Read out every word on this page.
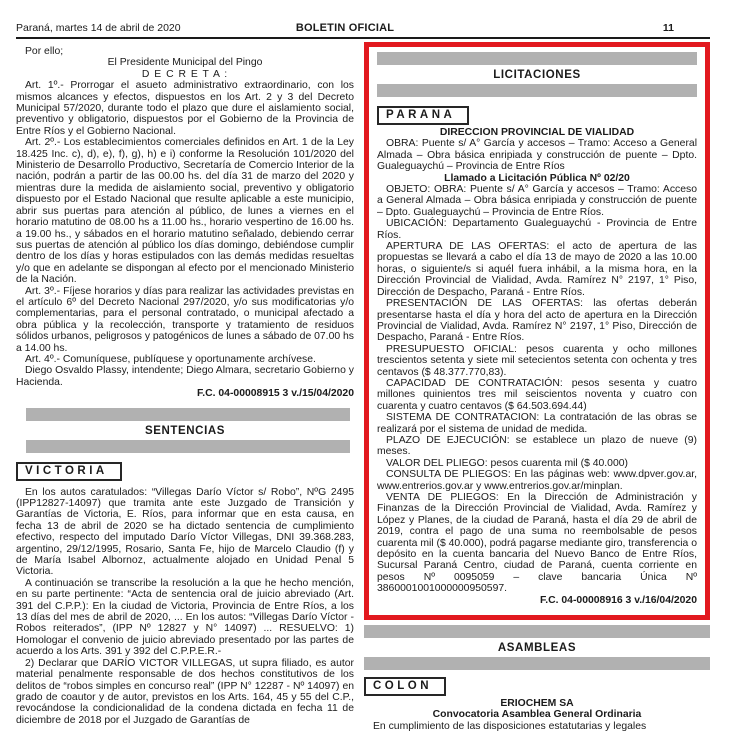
Paraná, martes 14 de abril de 2020	BOLETIN OFICIAL	11

Por ello;

El Presidente Municipal del Pingo

D E C R E T A :

Art. 1º.- Prorrogar el asueto administrativo extraordinario, con los mismos alcances y efectos, dispuestos en los Art. 2 y 3 del Decreto Municipal 57/2020, durante todo el plazo que dure el aislamiento social, preventivo y obligatorio, dispuestos por el Gobierno de la Provincia de Entre Ríos y el Gobierno Nacional.

Art. 2º.- Los establecimientos comerciales definidos en Art. 1 de la Ley 18.425 Inc. c), d), e), f), g), h) e i) conforme la Resolución 101/2020 del Ministerio de Desarrollo Productivo, Secretaría de Comercio Interior de la nación, podrán a partir de las 00.00 hs. del día 31 de marzo del 2020 y mientras dure la medida de aislamiento social, preventivo y obligatorio dispuesto por el Estado Nacional que resulte aplicable a este municipio, abrir sus puertas para atención al público, de lunes a viernes en el horario matutino de 08.00 hs a 11.00 hs., horario vespertino de 16.00 hs. a 19.00 hs., y sábados en el horario matutino señalado, debiendo cerrar sus puertas de atención al público los días domingo, debiéndose cumplir dentro de los días y horas estipulados con las demás medidas resueltas y/o que en adelante se dispongan al efecto por el mencionado Ministerio de la Nación.

Art. 3º.- Fíjese horarios y días para realizar las actividades previstas en el artículo 6º del Decreto Nacional 297/2020, y/o sus modificatorias y/o complementarias, para el personal contratado, o municipal afectado a obra pública y la recolección, transporte y tratamiento de residuos sólidos urbanos, peligrosos y patogénicos de lunes a sábado de 07.00 hs a 14.00 hs.

Art. 4º.- Comuníquese, publíquese y oportunamente archívese.

Diego Osvaldo Plassy, intendente; Diego Almara, secretario Gobierno y Hacienda.

F.C. 04-00008915 3 v./15/04/2020

SENTENCIAS
VICTORIA

En los autos caratulados: “Villegas Darío Víctor s/ Robo”, NºG 2495 (IPP12827-14097) que tramita ante este Juzgado de Transición y Garantías de Victoria, E. Ríos, para informar que en esta causa, en fecha 13 de abril de 2020 se ha dictado sentencia de cumplimiento efectivo, respecto del imputado Darío Víctor Villegas, DNI 39.368.283, argentino, 29/12/1995, Rosario, Santa Fe, hijo de Marcelo Claudio (f) y de María Isabel Albornoz, actualmente alojado en Unidad Penal 5 Victoria.

A continuación se transcribe la resolución a la que he hecho mención, en su parte pertinente: “Acta de sentencia oral de juicio abreviado (Art. 391 del C.P.P.): En la ciudad de Victoria, Provincia de Entre Ríos, a los 13 días del mes de abril de 2020, ... En los autos: “Villegas Darío Víctor - Robos reiterados”, (IPP Nº 12827 y N° 14097) ... RESUELVO: 1) Homologar el convenio de juicio abreviado presentado por las partes de acuerdo a los Arts. 391 y 392 del C.P.P.E.R.-

2) Declarar que DARÍO VICTOR VILLEGAS, ut supra filiado, es autor material penalmente responsable de dos hechos constitutivos de los delitos de “robos simples en concurso real” (IPP N° 12287 - Nº 14097) en grado de coautor y de autor, previstos en los Arts. 164, 45 y 55 del C.P., revocándose la condicionalidad de la condena dictada en fecha 11 de diciembre de 2018 por el Juzgado de Garantías de

LICITACIONES
PARANA

DIRECCION PROVINCIAL DE VIALIDAD

OBRA: Puente s/ A° García y accesos – Tramo: Acceso a General Almada – Obra básica enripiada y construcción de puente – Dpto. Gualeguaychú – Provincia de Entre Ríos

Llamado a Licitación Pública Nº 02/20

OBJETO: OBRA: Puente s/ A° García y accesos – Tramo: Acceso a General Almada – Obra básica enripiada y construcción de puente – Dpto. Gualeguaychú – Provincia de Entre Ríos.

UBICACIÓN: Departamento Gualeguaychú - Provincia de Entre Ríos.

APERTURA DE LAS OFERTAS: el acto de apertura de las propuestas se llevará a cabo el día 13 de mayo de 2020 a las 10.00 horas, o siguiente/s si aquél fuera inhábil, a la misma hora, en la Dirección Provincial de Vialidad, Avda. Ramírez N° 2197, 1° Piso, Dirección de Despacho, Paraná - Entre Ríos.

PRESENTACIÓN DE LAS OFERTAS: las ofertas deberán presentarse hasta el día y hora del acto de apertura en la Dirección Provincial de Vialidad, Avda. Ramírez N° 2197, 1° Piso, Dirección de Despacho, Paraná - Entre Ríos.

PRESUPUESTO OFICIAL: pesos cuarenta y ocho millones trescientos setenta y siete mil setecientos setenta con ochenta y tres centavos ($ 48.377.770,83).

CAPACIDAD DE CONTRATACIÓN: pesos sesenta y cuatro millones quinientos tres mil seiscientos noventa y cuatro con cuarenta y cuatro centavos ($ 64.503.694.44)

SISTEMA DE CONTRATACION: La contratación de las obras se realizará por el sistema de unidad de medida.

PLAZO DE EJECUCIÓN: se establece un plazo de nueve (9) meses.

VALOR DEL PLIEGO: pesos cuarenta mil ($ 40.000)

CONSULTA DE PLIEGOS: En las páginas web: www.dpver.gov.ar, www.entrerios.gov.ar y www.entrerios.gov.ar/minplan.

VENTA DE PLIEGOS: En la Dirección de Administración y Finanzas de la Dirección Provincial de Vialidad, Avda. Ramírez y López y Planes, de la ciudad de Paraná, hasta el día 29 de abril de 2019, contra el pago de una suma no reembolsable de pesos cuarenta mil ($ 40.000), podrá pagarse mediante giro, transferencia o depósito en la cuenta bancaria del Nuevo Banco de Entre Ríos, Sucursal Paraná Centro, ciudad de Paraná, cuenta corriente en pesos Nº 0095059 – clave bancaria Única Nº 3860001001000000950597.

F.C. 04-00008916 3 v./16/04/2020

ASAMBLEAS
COLON

ERIOCHEM SA

Convocatoria Asamblea General Ordinaria

En cumplimiento de las disposiciones estatutarias y legales
